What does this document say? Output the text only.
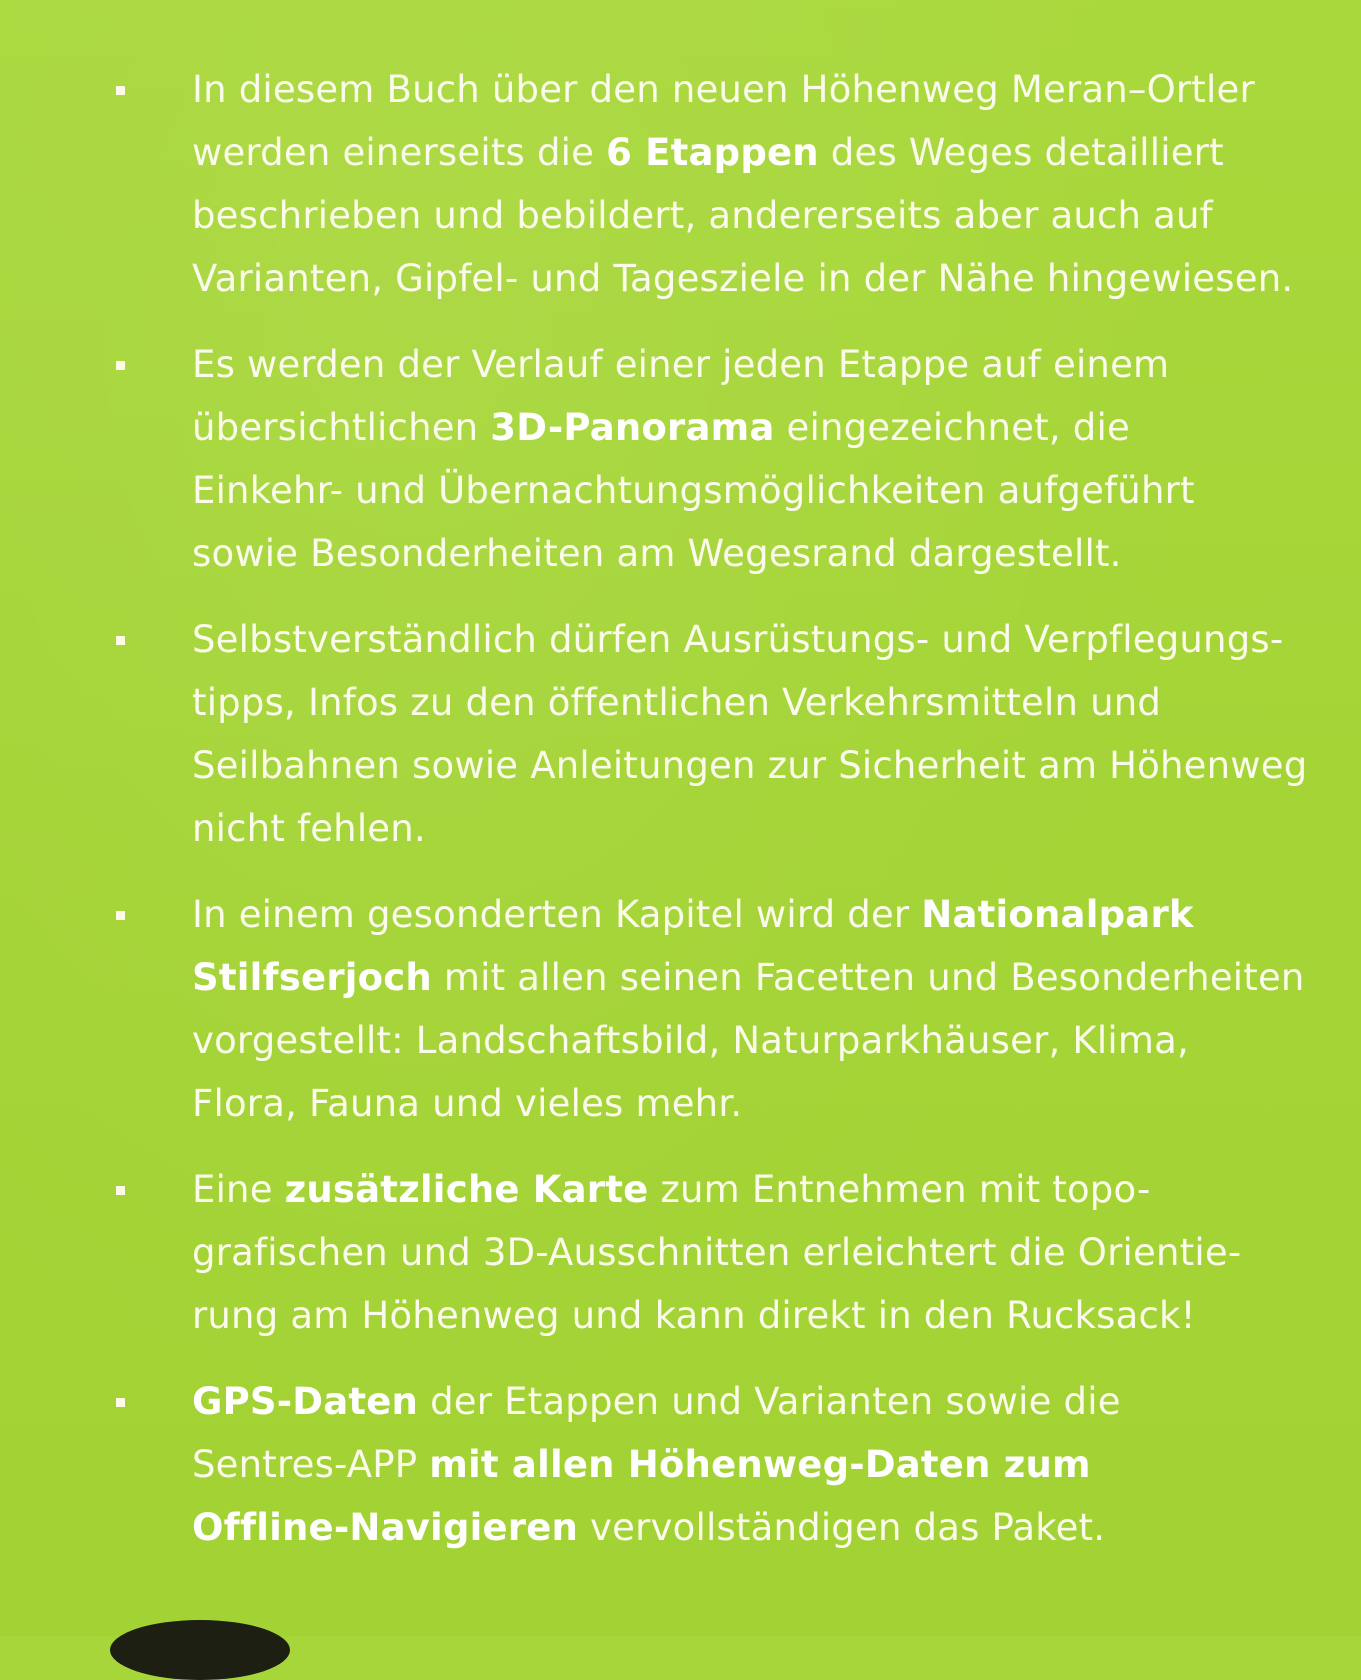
In diesem Buch über den neuen Höhenweg Meran–Ortler
werden einerseits die 6 Etappen des Weges detailliert
beschrieben und bebildert, andererseits aber auch auf
Varianten, Gipfel- und Tagesziele in der Nähe hingewiesen.
Es werden der Verlauf einer jeden Etappe auf einem
übersichtlichen 3D-Panorama eingezeichnet, die
Einkehr- und Übernachtungsmöglichkeiten aufgeführt
sowie Besonderheiten am Wegesrand dargestellt.
Selbstverständlich dürfen Ausrüstungs- und Verpflegungs-
tipps, Infos zu den öffentlichen Verkehrsmitteln und
Seilbahnen sowie Anleitungen zur Sicherheit am Höhenweg
nicht fehlen.
In einem gesonderten Kapitel wird der Nationalpark
Stilfserjoch mit allen seinen Facetten und Besonderheiten
vorgestellt: Landschaftsbild, Naturparkhäuser, Klima,
Flora, Fauna und vieles mehr.
Eine zusätzliche Karte zum Entnehmen mit topo-
grafischen und 3D-Ausschnitten erleichtert die Orientie-
rung am Höhenweg und kann direkt in den Rucksack!
GPS-Daten der Etappen und Varianten sowie die
Sentres-APP mit allen Höhenweg-Daten zum
Offline-Navigieren vervollständigen das Paket.
